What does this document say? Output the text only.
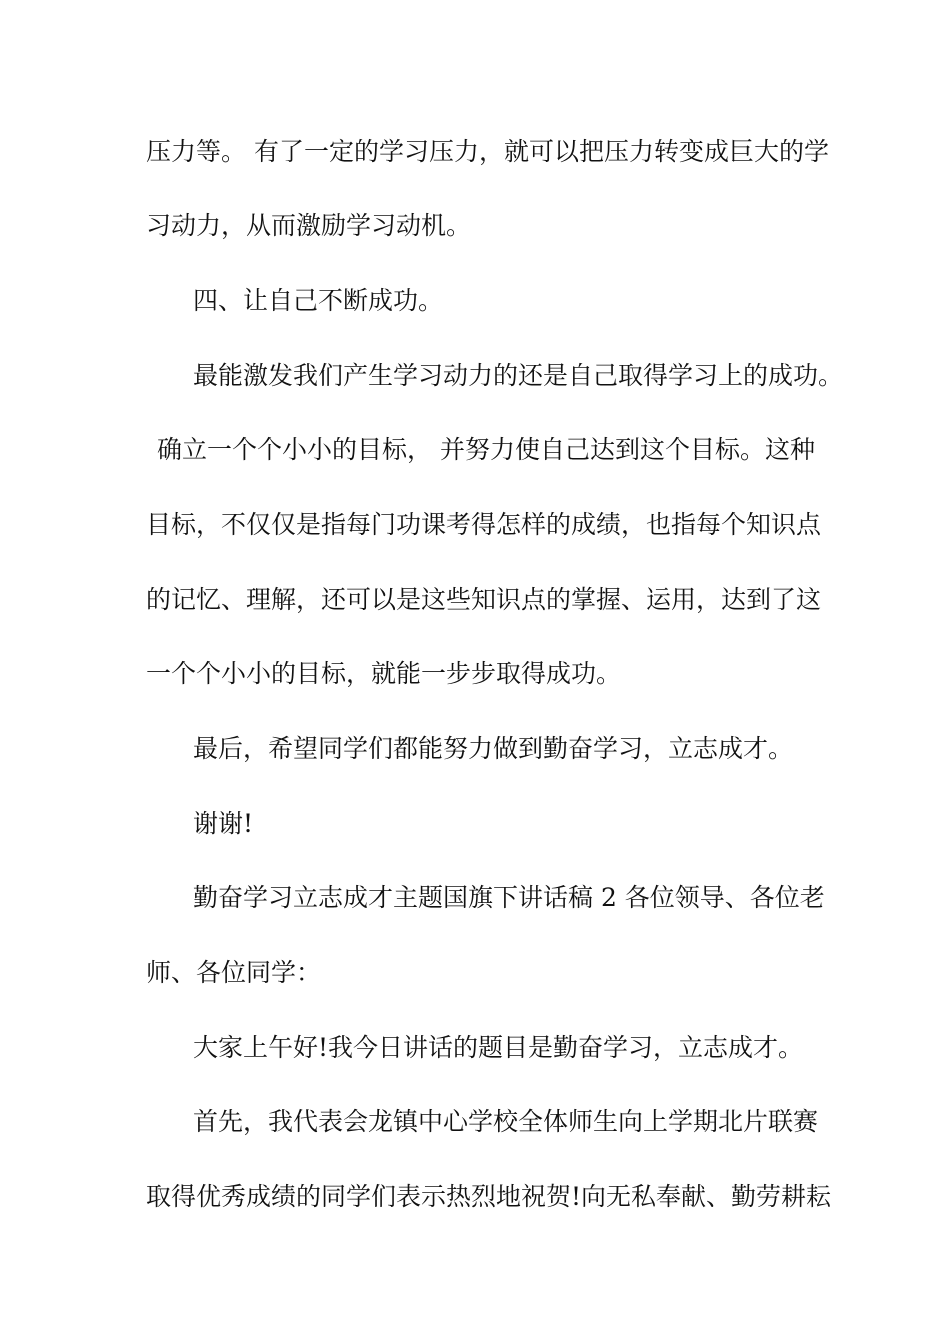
压力等。 有了一定的学习压力，就可以把压力转变成巨大的学
习动力，从而激励学习动机。
四、让自己不断成功。
最能激发我们产生学习动力的还是自己取得学习上的成功。
确立一个个小小的目标， 并努力使自己达到这个目标。这种
目标，不仅仅是指每门功课考得怎样的成绩，也指每个知识点
的记忆、理解，还可以是这些知识点的掌握、运用，达到了这
一个个小小的目标，就能一步步取得成功。
最后，希望同学们都能努力做到勤奋学习，立志成才。
谢谢!
勤奋学习立志成才主题国旗下讲话稿 2 各位领导、各位老
师、各位同学：
大家上午好!我今日讲话的题目是勤奋学习，立志成才。
首先，我代表会龙镇中心学校全体师生向上学期北片联赛
取得优秀成绩的同学们表示热烈地祝贺!向无私奉献、勤劳耕耘
